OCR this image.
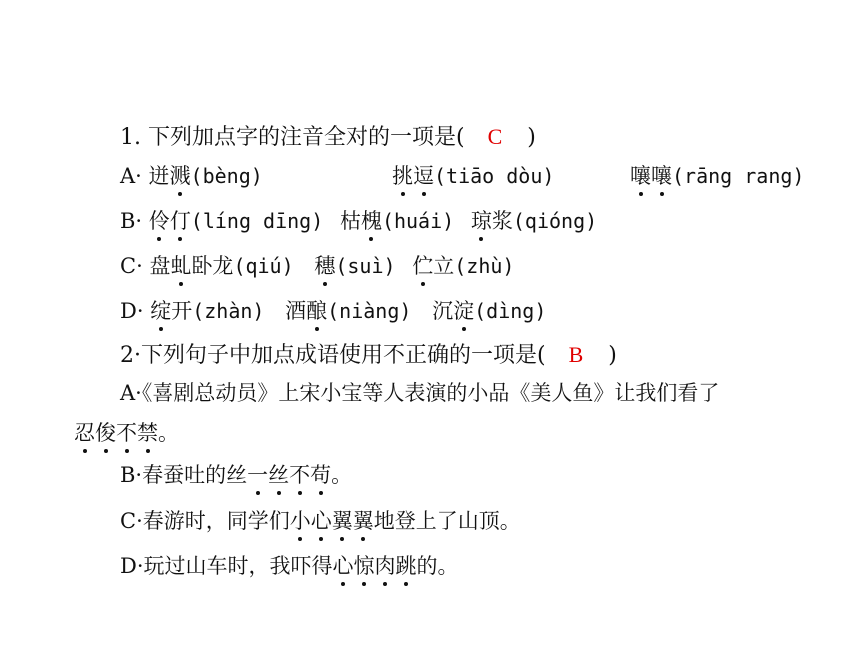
1. 下列加点字的注音全对的一项是( C )
A· 迸溅(bèng)	挑逗(tiāo dòu)	嚷嚷(rāng rang)
B· 伶仃(líng dīng) 枯槐(huái) 琼浆(qióng)
C· 盘虬卧龙(qiú) 穗(suì) 伫立(zhù)
D· 绽开(zhàn) 酒酿(niàng) 沉淀(dìng)
2·下列句子中加点成语使用不正确的一项是( B )
A·《喜剧总动员》上宋小宝等人表演的小品《美人鱼》让我们看了
忍俊不禁。
B·春蚕吐的丝一丝不苟。
C·春游时，同学们小心翼翼地登上了山顶。
D·玩过山车时，我吓得心惊肉跳的。
